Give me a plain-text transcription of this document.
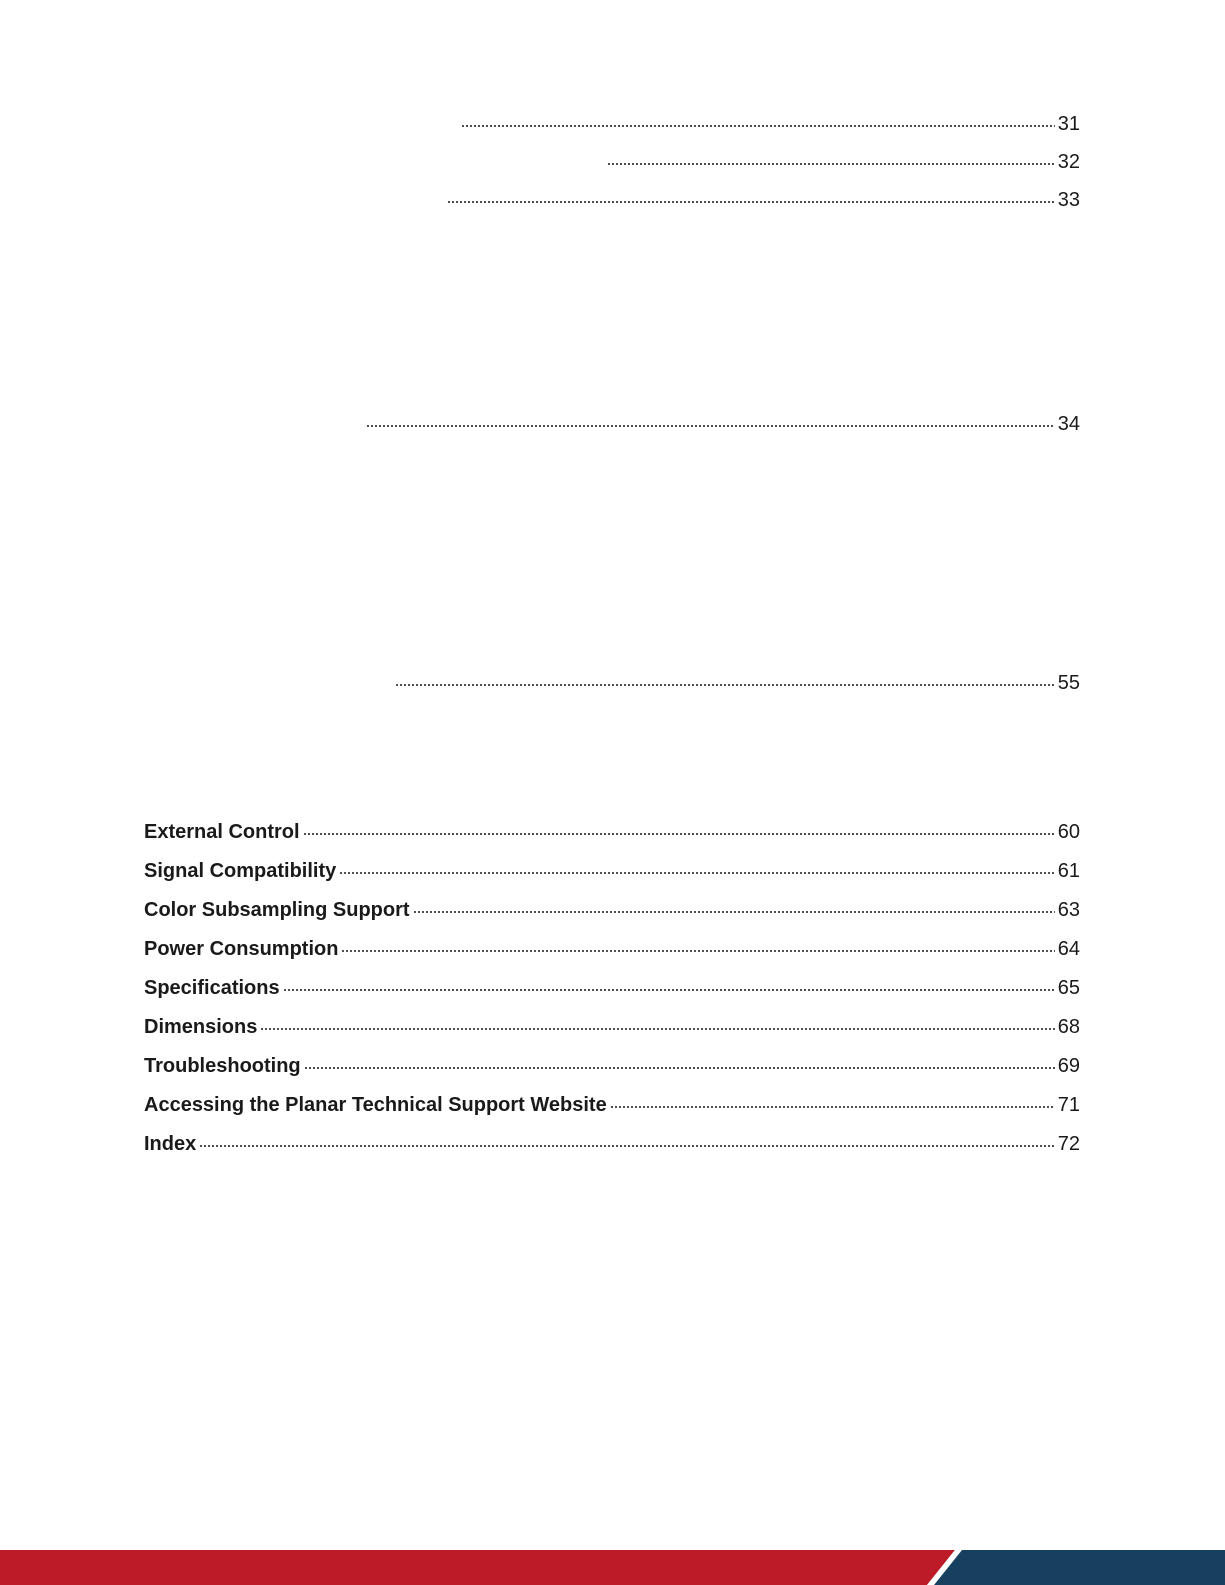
31
32
33
34
55
External Control	60
Signal Compatibility	61
Color Subsampling Support	63
Power Consumption	64
Specifications	65
Dimensions	68
Troubleshooting	69
Accessing the Planar Technical Support Website	71
Index	72
